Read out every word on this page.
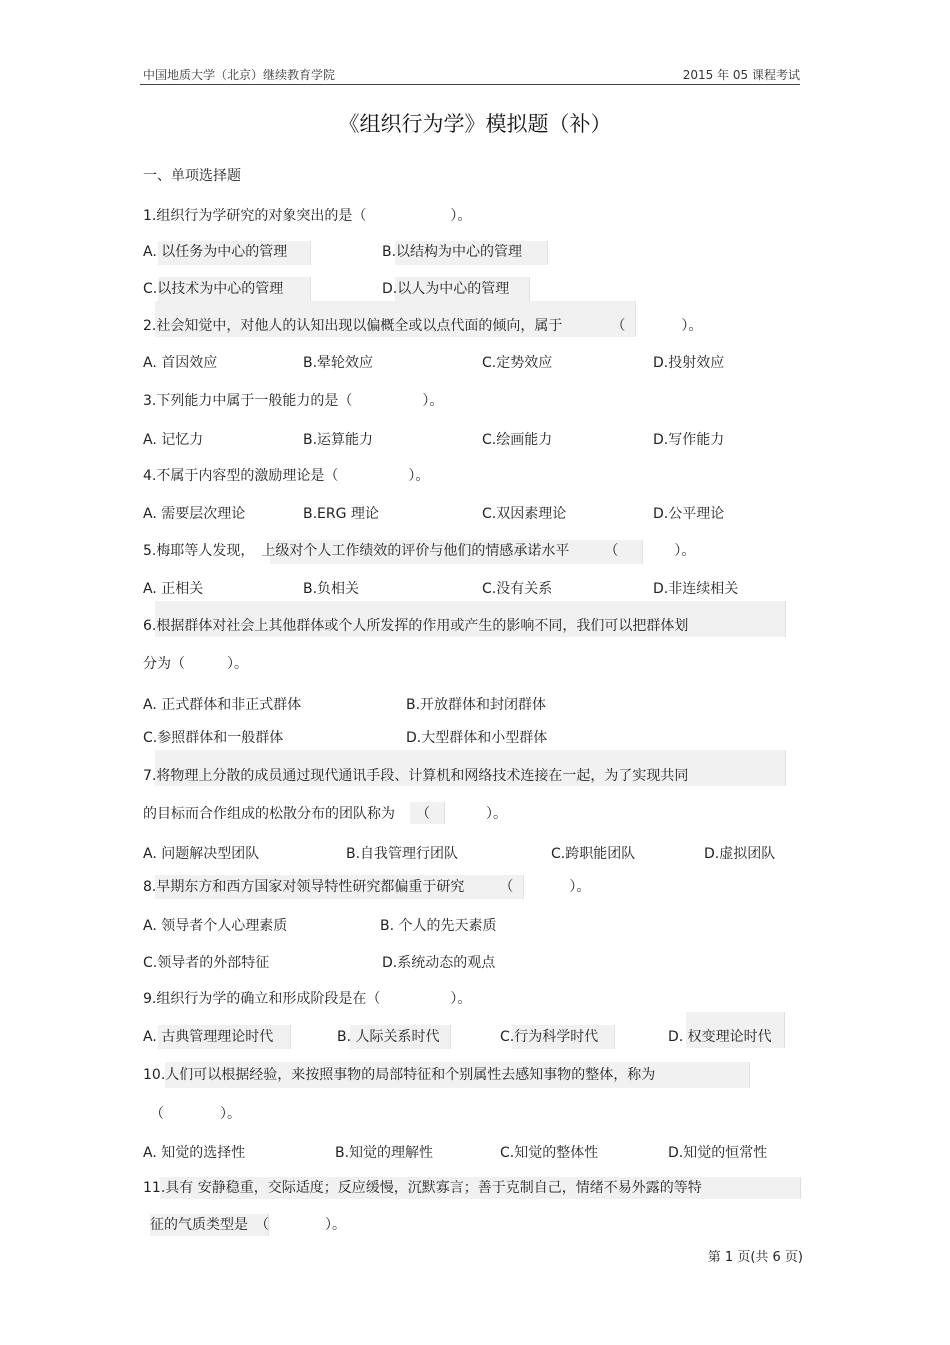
中国地质大学（北京）继续教育学院	2015 年 05 课程考试
《组织行为学》模拟题（补）
一、单项选择题
1.组织行为学研究的对象突出的是（　　　　　　）。
A. 以任务为中心的管理	B.以结构为中心的管理
C.以技术为中心的管理	D.以人为中心的管理
2.社会知觉中，对他人的认知出现以偏概全或以点代面的倾向，属于　　　　（　　　　）。
A. 首因效应	B.晕轮效应	C.定势效应	D.投射效应
3.下列能力中属于一般能力的是（　　　　　）。
A. 记忆力	B.运算能力	C.绘画能力	D.写作能力
4.不属于内容型的激励理论是（　　　　　）。
A. 需要层次理论	B.ERG 理论	C.双因素理论	D.公平理论
5.梅耶等人发现，　上级对个人工作绩效的评价与他们的情感承诺水平　　　（　　　　）。
A. 正相关	B.负相关	C.没有关系	D.非连续相关
6.根据群体对社会上其他群体或个人所发挥的作用或产生的影响不同，我们可以把群体划
分为（　　　）。
A. 正式群体和非正式群体	B.开放群体和封闭群体
C.参照群体和一般群体	D.大型群体和小型群体
7.将物理上分散的成员通过现代通讯手段、计算机和网络技术连接在一起，为了实现共同
的目标而合作组成的松散分布的团队称为　　（　　　　）。
A. 问题解决型团队	B.自我管理行团队	C.跨职能团队	D.虚拟团队
8.早期东方和西方国家对领导特性研究都偏重于研究　　　（　　　　）。
A. 领导者个人心理素质	B. 个人的先天素质
C.领导者的外部特征	D.系统动态的观点
9.组织行为学的确立和形成阶段是在（　　　　　）。
A. 古典管理理论时代	B. 人际关系时代	C.行为科学时代	D. 权变理论时代
10.人们可以根据经验，来按照事物的局部特征和个别属性去感知事物的整体，称为
（　　　　）。
A. 知觉的选择性	B.知觉的理解性	C.知觉的整体性	D.知觉的恒常性
11.具有 安静稳重，交际适度；反应缓慢，沉默寡言；善于克制自己，情绪不易外露的等特
征的气质类型是　（　　　　）。
第 1 页(共 6 页)
